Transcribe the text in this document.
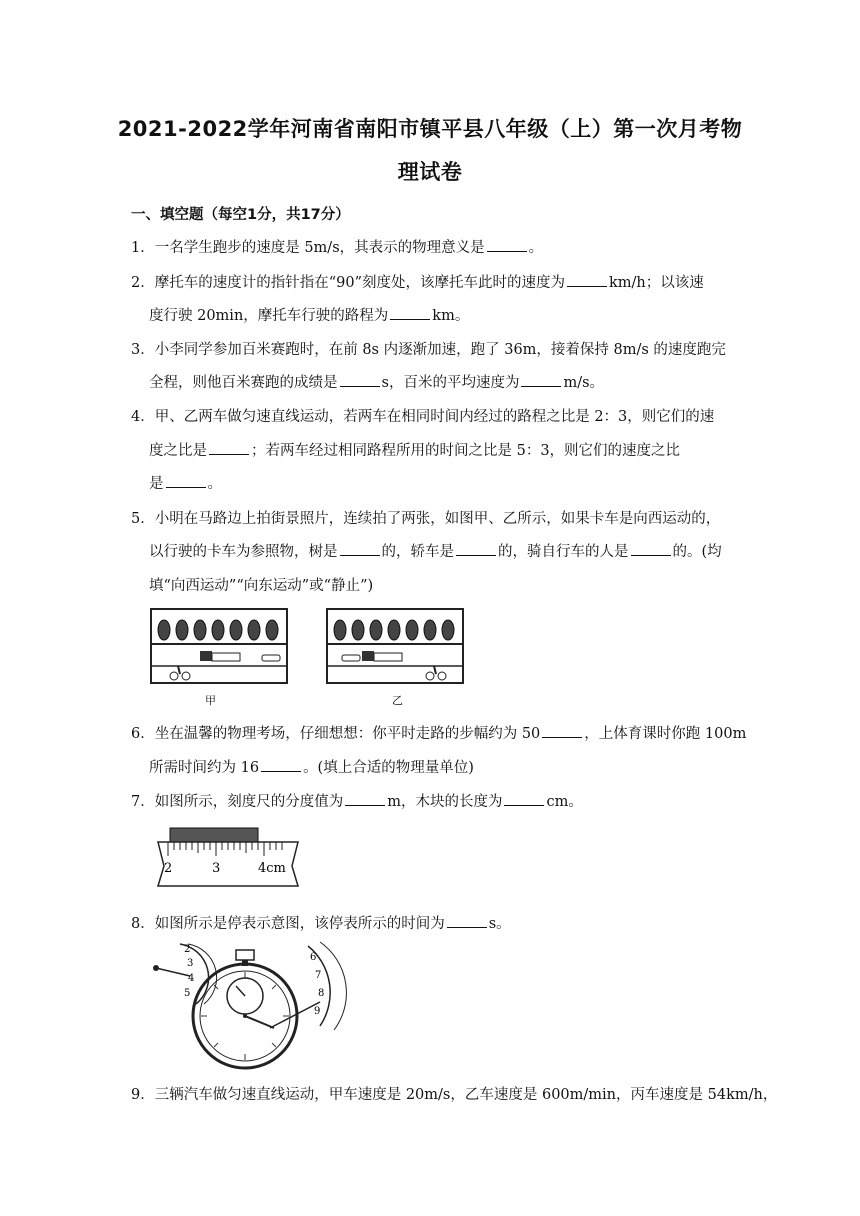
2021-2022学年河南省南阳市镇平县八年级（上）第一次月考物
理试卷
一、填空题（每空1分，共17分）
1．一名学生跑步的速度是 5m/s，其表示的物理意义是	。
2．摩托车的速度计的指针指在“90”刻度处，该摩托车此时的速度为	km/h；以该速
度行驶 20min，摩托车行驶的路程为	km。
3．小李同学参加百米赛跑时，在前 8s 内逐渐加速，跑了 36m，接着保持 8m/s 的速度跑完
全程，则他百米赛跑的成绩是	s，百米的平均速度为	m/s。
4．甲、乙两车做匀速直线运动，若两车在相同时间内经过的路程之比是 2：3，则它们的速
度之比是	；若两车经过相同路程所用的时间之比是 5：3，则它们的速度之比
是	。
5．小明在马路边上拍街景照片，连续拍了两张，如图甲、乙所示，如果卡车是向西运动的，
以行驶的卡车为参照物，树是	的，轿车是	的，骑自行车的人是	的。(均
填“向西运动”“向东运动”或“静止”)
甲	乙
6．坐在温馨的物理考场，仔细想想：你平时走路的步幅约为 50	，上体育课时你跑 100m
所需时间约为 16	。(填上合适的物理量单位)
7．如图所示，刻度尺的分度值为	m，木块的长度为	cm。
2	3	4cm
8．如图所示是停表示意图，该停表所示的时间为	s。
2
3
4
5
6
7
8
9
9．三辆汽车做匀速直线运动，甲车速度是 20m/s，乙车速度是 600m/min，丙车速度是 54km/h，
